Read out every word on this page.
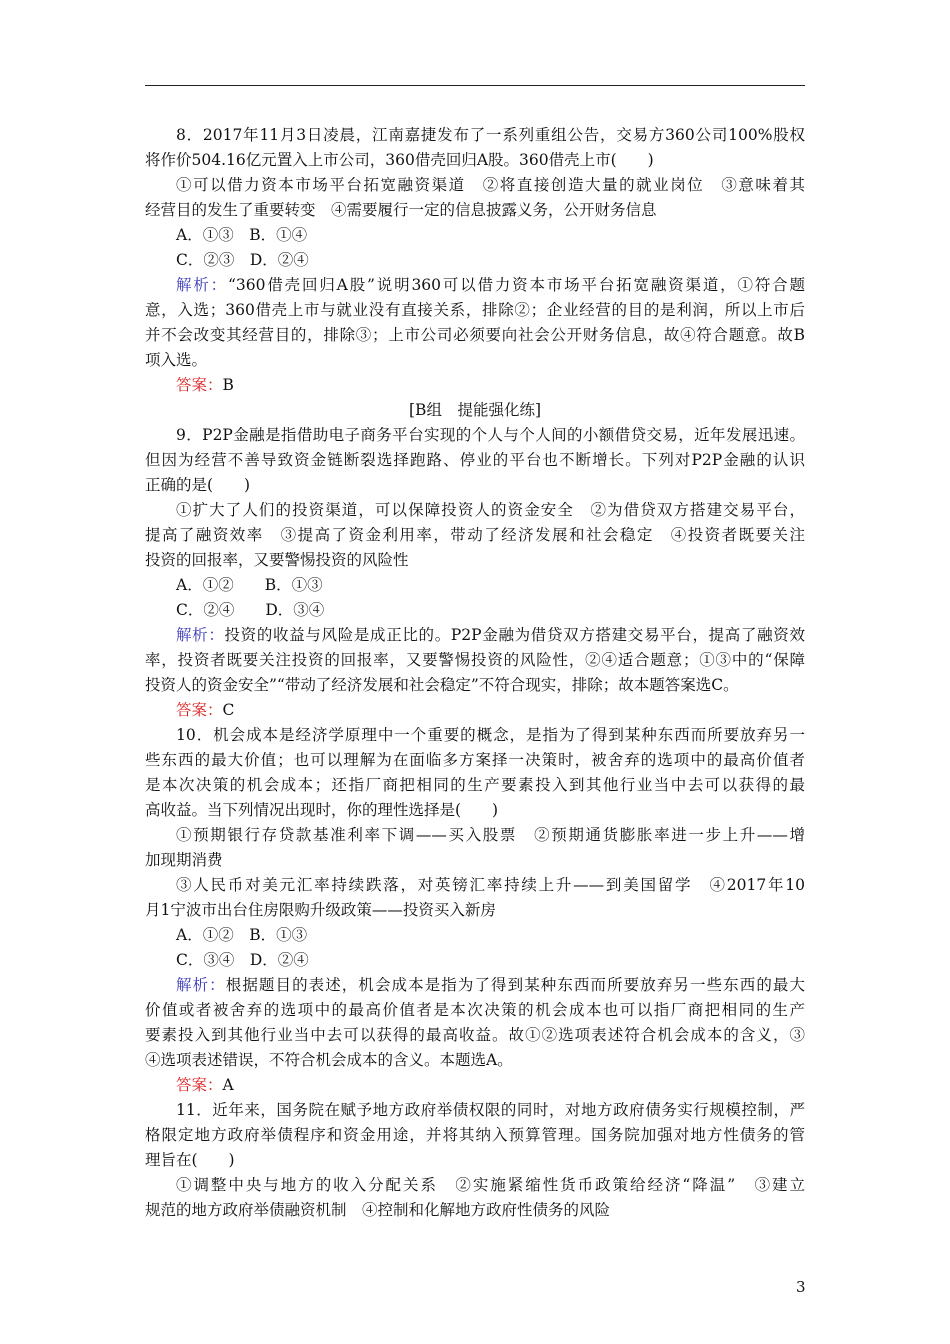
8．2017年11月3日凌晨，江南嘉捷发布了一系列重组公告，交易方360公司100%股权
将作价504.16亿元置入上市公司，360借壳回归A股。360借壳上市(　　)
①可以借力资本市场平台拓宽融资渠道　②将直接创造大量的就业岗位　③意味着其
经营目的发生了重要转变　④需要履行一定的信息披露义务，公开财务信息
A．①③　B．①④
C．②③　D．②④
解析：“360借壳回归A股”说明360可以借力资本市场平台拓宽融资渠道，①符合题
意，入选；360借壳上市与就业没有直接关系，排除②；企业经营的目的是利润，所以上市后
并不会改变其经营目的，排除③；上市公司必须要向社会公开财务信息，故④符合题意。故B
项入选。
答案：B
[B组　提能强化练]
9．P2P金融是指借助电子商务平台实现的个人与个人间的小额借贷交易，近年发展迅速。
但因为经营不善导致资金链断裂选择跑路、停业的平台也不断增长。下列对P2P金融的认识
正确的是(　　)
①扩大了人们的投资渠道，可以保障投资人的资金安全　②为借贷双方搭建交易平台，
提高了融资效率　③提高了资金利用率，带动了经济发展和社会稳定　④投资者既要关注
投资的回报率，又要警惕投资的风险性
A．①②　　B．①③
C．②④　　D．③④
解析：投资的收益与风险是成正比的。P2P金融为借贷双方搭建交易平台，提高了融资效
率，投资者既要关注投资的回报率，又要警惕投资的风险性，②④适合题意；①③中的“保障
投资人的资金安全”“带动了经济发展和社会稳定”不符合现实，排除；故本题答案选C。
答案：C
10．机会成本是经济学原理中一个重要的概念，是指为了得到某种东西而所要放弃另一
些东西的最大价值；也可以理解为在面临多方案择一决策时，被舍弃的选项中的最高价值者
是本次决策的机会成本；还指厂商把相同的生产要素投入到其他行业当中去可以获得的最
高收益。当下列情况出现时，你的理性选择是(　　)
①预期银行存贷款基准利率下调——买入股票　②预期通货膨胀率进一步上升——增
加现期消费
③人民币对美元汇率持续跌落，对英镑汇率持续上升——到美国留学　④2017年10
月1宁波市出台住房限购升级政策——投资买入新房
A．①②　B．①③
C．③④　D．②④
解析：根据题目的表述，机会成本是指为了得到某种东西而所要放弃另一些东西的最大
价值或者被舍弃的选项中的最高价值者是本次决策的机会成本也可以指厂商把相同的生产
要素投入到其他行业当中去可以获得的最高收益。故①②选项表述符合机会成本的含义，③
④选项表述错误，不符合机会成本的含义。本题选A。
答案：A
11．近年来，国务院在赋予地方政府举债权限的同时，对地方政府债务实行规模控制，严
格限定地方政府举债程序和资金用途，并将其纳入预算管理。国务院加强对地方性债务的管
理旨在(　　)
①调整中央与地方的收入分配关系　②实施紧缩性货币政策给经济“降温”　③建立
规范的地方政府举债融资机制　④控制和化解地方政府性债务的风险
3
